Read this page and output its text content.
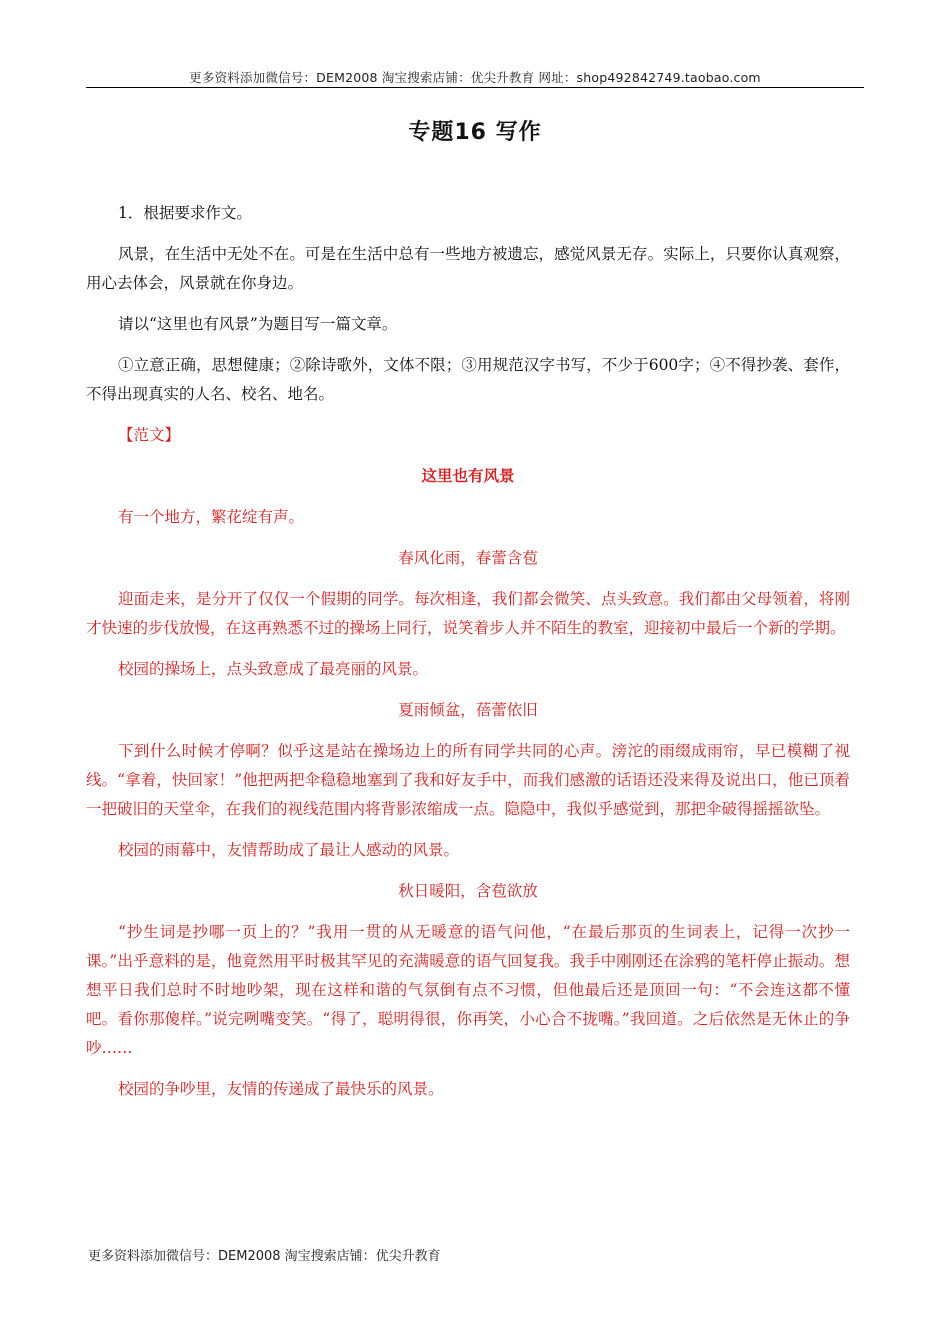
更多资料添加微信号：DEM2008 淘宝搜索店铺：优尖升教育 网址：shop492842749.taobao.com
专题16 写作

1．根据要求作文。

风景，在生活中无处不在。可是在生活中总有一些地方被遗忘，感觉风景无存。实际上，只要你认真观察，用心去体会，风景就在你身边。

请以“这里也有风景”为题目写一篇文章。

①立意正确，思想健康；②除诗歌外，文体不限；③用规范汉字书写，不少于600字；④不得抄袭、套作，不得出现真实的人名、校名、地名。

【范文】

这里也有风景

有一个地方，繁花绽有声。

春风化雨，春蕾含苞

迎面走来，是分开了仅仅一个假期的同学。每次相逢，我们都会微笑、点头致意。我们都由父母领着，将刚才快速的步伐放慢，在这再熟悉不过的操场上同行，说笑着步人并不陌生的教室，迎接初中最后一个新的学期。

校园的操场上，点头致意成了最亮丽的风景。

夏雨倾盆，蓓蕾依旧

下到什么时候才停啊？似乎这是站在操场边上的所有同学共同的心声。滂沱的雨缀成雨帘，早已模糊了视线。“拿着，快回家！”他把两把伞稳稳地塞到了我和好友手中，而我们感激的话语还没来得及说出口，他已顶着一把破旧的天堂伞，在我们的视线范围内将背影浓缩成一点。隐隐中，我似乎感觉到，那把伞破得摇摇欲坠。

校园的雨幕中，友情帮助成了最让人感动的风景。

秋日暖阳，含苞欲放

“抄生词是抄哪一页上的？”我用一贯的从无暖意的语气问他，“在最后那页的生词表上，记得一次抄一课。”出乎意料的是，他竟然用平时极其罕见的充满暖意的语气回复我。我手中刚刚还在涂鸦的笔杆停止振动。想想平日我们总时不时地吵架，现在这样和谐的气氛倒有点不习惯，但他最后还是顶回一句：“不会连这都不懂吧。看你那傻样。”说完咧嘴变笑。“得了，聪明得很，你再笑，小心合不拢嘴。”我回道。之后依然是无休止的争吵……

校园的争吵里，友情的传递成了最快乐的风景。

更多资料添加微信号：DEM2008 淘宝搜索店铺：优尖升教育
